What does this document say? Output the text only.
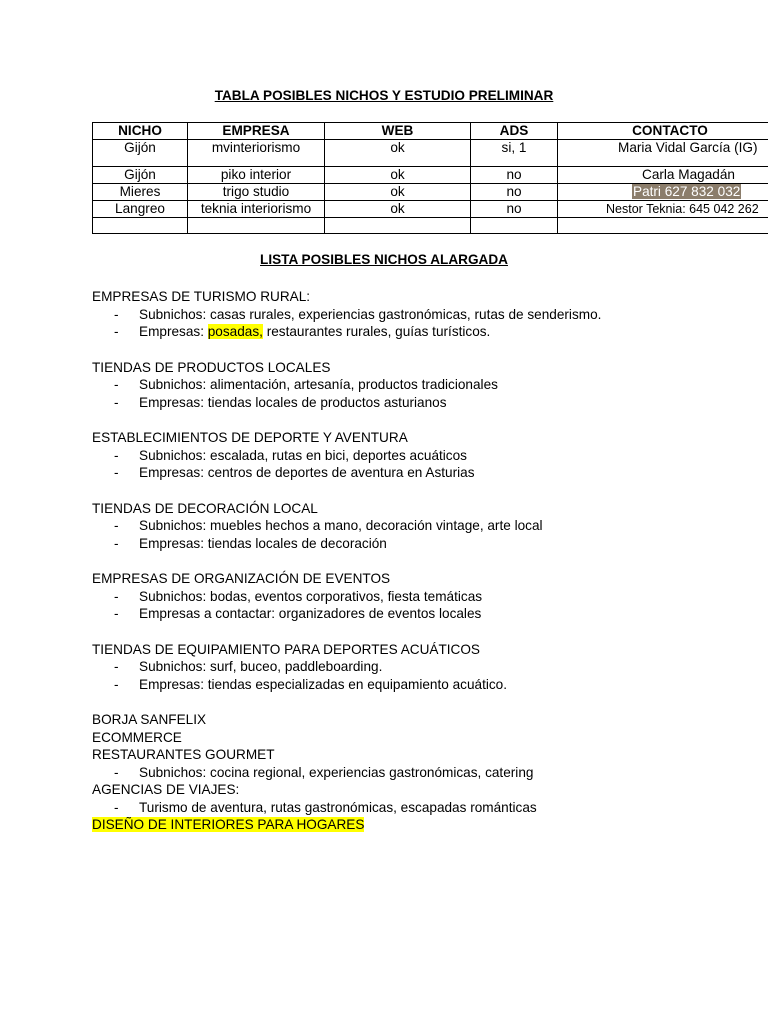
TABLA POSIBLES NICHOS Y ESTUDIO PRELIMINAR
NICHO	EMPRESA	WEB	ADS	CONTACTO
Gijón	mvinteriorismo	ok	si, 1	Maria Vidal García (IG)
Gijón	piko interior	ok	no	Carla Magadán
Mieres	trigo studio	ok	no	Patri 627 832 032
Langreo	teknia interiorismo	ok	no	Nestor Teknia: 645 042 262

LISTA POSIBLES NICHOS ALARGADA
EMPRESAS DE TURISMO RURAL:
- Subnichos: casas rurales, experiencias gastronómicas, rutas de senderismo.
- Empresas: posadas, restaurantes rurales, guías turísticos.
TIENDAS DE PRODUCTOS LOCALES
- Subnichos: alimentación, artesanía, productos tradicionales
- Empresas: tiendas locales de productos asturianos
ESTABLECIMIENTOS DE DEPORTE Y AVENTURA
- Subnichos: escalada, rutas en bici, deportes acuáticos
- Empresas: centros de deportes de aventura en Asturias
TIENDAS DE DECORACIÓN LOCAL
- Subnichos: muebles hechos a mano, decoración vintage, arte local
- Empresas: tiendas locales de decoración
EMPRESAS DE ORGANIZACIÓN DE EVENTOS
- Subnichos: bodas, eventos corporativos, fiesta temáticas
- Empresas a contactar: organizadores de eventos locales
TIENDAS DE EQUIPAMIENTO PARA DEPORTES ACUÁTICOS
- Subnichos: surf, buceo, paddleboarding.
- Empresas: tiendas especializadas en equipamiento acuático.
BORJA SANFELIX
ECOMMERCE
RESTAURANTES GOURMET
- Subnichos: cocina regional, experiencias gastronómicas, catering
AGENCIAS DE VIAJES:
- Turismo de aventura, rutas gastronómicas, escapadas románticas
DISEÑO DE INTERIORES PARA HOGARES
